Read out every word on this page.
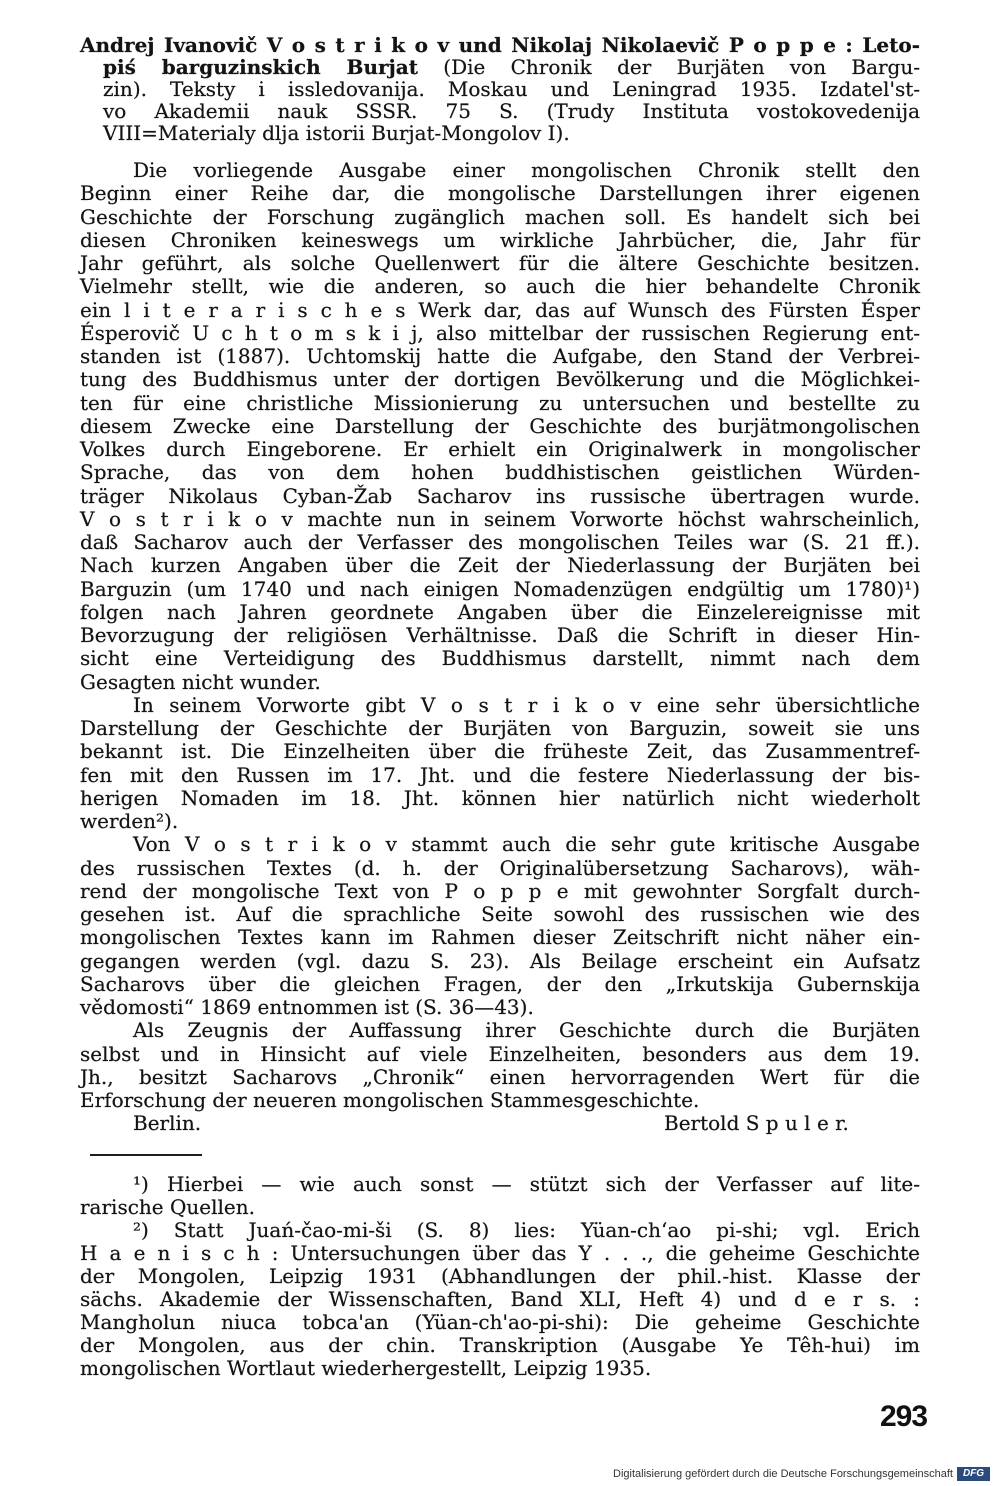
Andrej Ivanovič V o s t r i k o v und Nikolaj Nikolaevič P o p p e : Leto-
piś barguzinskich Burjat (Die Chronik der Burjäten von Bargu-
zin). Teksty i issledovanija. Moskau und Leningrad 1935. Izdatel'st-
vo Akademii nauk SSSR. 75 S. (Trudy Instituta vostokovedenija
VIII=Materialy dlja istorii Burjat-Mongolov I).
Die vorliegende Ausgabe einer mongolischen Chronik stellt den
Beginn einer Reihe dar, die mongolische Darstellungen ihrer eigenen
Geschichte der Forschung zugänglich machen soll. Es handelt sich bei
diesen Chroniken keineswegs um wirkliche Jahrbücher, die, Jahr für
Jahr geführt, als solche Quellenwert für die ältere Geschichte besitzen.
Vielmehr stellt, wie die anderen, so auch die hier behandelte Chronik
ein l i t e r a r i s c h e s Werk dar, das auf Wunsch des Fürsten Ésper
Ésperovič U c h t o m s k i j, also mittelbar der russischen Regierung ent-
standen ist (1887). Uchtomskij hatte die Aufgabe, den Stand der Verbrei-
tung des Buddhismus unter der dortigen Bevölkerung und die Möglichkei-
ten für eine christliche Missionierung zu untersuchen und bestellte zu
diesem Zwecke eine Darstellung der Geschichte des burjätmongolischen
Volkes durch Eingeborene. Er erhielt ein Originalwerk in mongolischer
Sprache, das von dem hohen buddhistischen geistlichen Würden-
träger Nikolaus Cyban-Žab Sacharov ins russische übertragen wurde.
V o s t r i k o v machte nun in seinem Vorworte höchst wahrscheinlich,
daß Sacharov auch der Verfasser des mongolischen Teiles war (S. 21 ff.).
Nach kurzen Angaben über die Zeit der Niederlassung der Burjäten bei
Barguzin (um 1740 und nach einigen Nomadenzügen endgültig um 1780)¹)
folgen nach Jahren geordnete Angaben über die Einzelereignisse mit
Bevorzugung der religiösen Verhältnisse. Daß die Schrift in dieser Hin-
sicht eine Verteidigung des Buddhismus darstellt, nimmt nach dem
Gesagten nicht wunder.
In seinem Vorworte gibt V o s t r i k o v eine sehr übersichtliche
Darstellung der Geschichte der Burjäten von Barguzin, soweit sie uns
bekannt ist. Die Einzelheiten über die früheste Zeit, das Zusammentref-
fen mit den Russen im 17. Jht. und die festere Niederlassung der bis-
herigen Nomaden im 18. Jht. können hier natürlich nicht wiederholt
werden²).
Von V o s t r i k o v stammt auch die sehr gute kritische Ausgabe
des russischen Textes (d. h. der Originalübersetzung Sacharovs), wäh-
rend der mongolische Text von P o p p e mit gewohnter Sorgfalt durch-
gesehen ist. Auf die sprachliche Seite sowohl des russischen wie des
mongolischen Textes kann im Rahmen dieser Zeitschrift nicht näher ein-
gegangen werden (vgl. dazu S. 23). Als Beilage erscheint ein Aufsatz
Sacharovs über die gleichen Fragen, der den „Irkutskija Gubernskija
vědomosti“ 1869 entnommen ist (S. 36—43).
Als Zeugnis der Auffassung ihrer Geschichte durch die Burjäten
selbst und in Hinsicht auf viele Einzelheiten, besonders aus dem 19.
Jh., besitzt Sacharovs „Chronik“ einen hervorragenden Wert für die
Erforschung der neueren mongolischen Stammesgeschichte.
Berlin.	Bertold S p u l e r.
¹) Hierbei — wie auch sonst — stützt sich der Verfasser auf lite-
rarische Quellen.
²) Statt Juań-čao-mi-ši (S. 8) lies: Yüan-ch‘ao pi-shi; vgl. Erich
H a e n i s c h : Untersuchungen über das Y . . ., die geheime Geschichte
der Mongolen, Leipzig 1931 (Abhandlungen der phil.-hist. Klasse der
sächs. Akademie der Wissenschaften, Band XLI, Heft 4) und d e r s. :
Mangholun niuca tobca'an (Yüan-ch'ao-pi-shi): Die geheime Geschichte
der Mongolen, aus der chin. Transkription (Ausgabe Ye Têh-hui) im
mongolischen Wortlaut wiederhergestellt, Leipzig 1935.
293
Digitalisierung gefördert durch die Deutsche Forschungsgemeinschaft DFG
